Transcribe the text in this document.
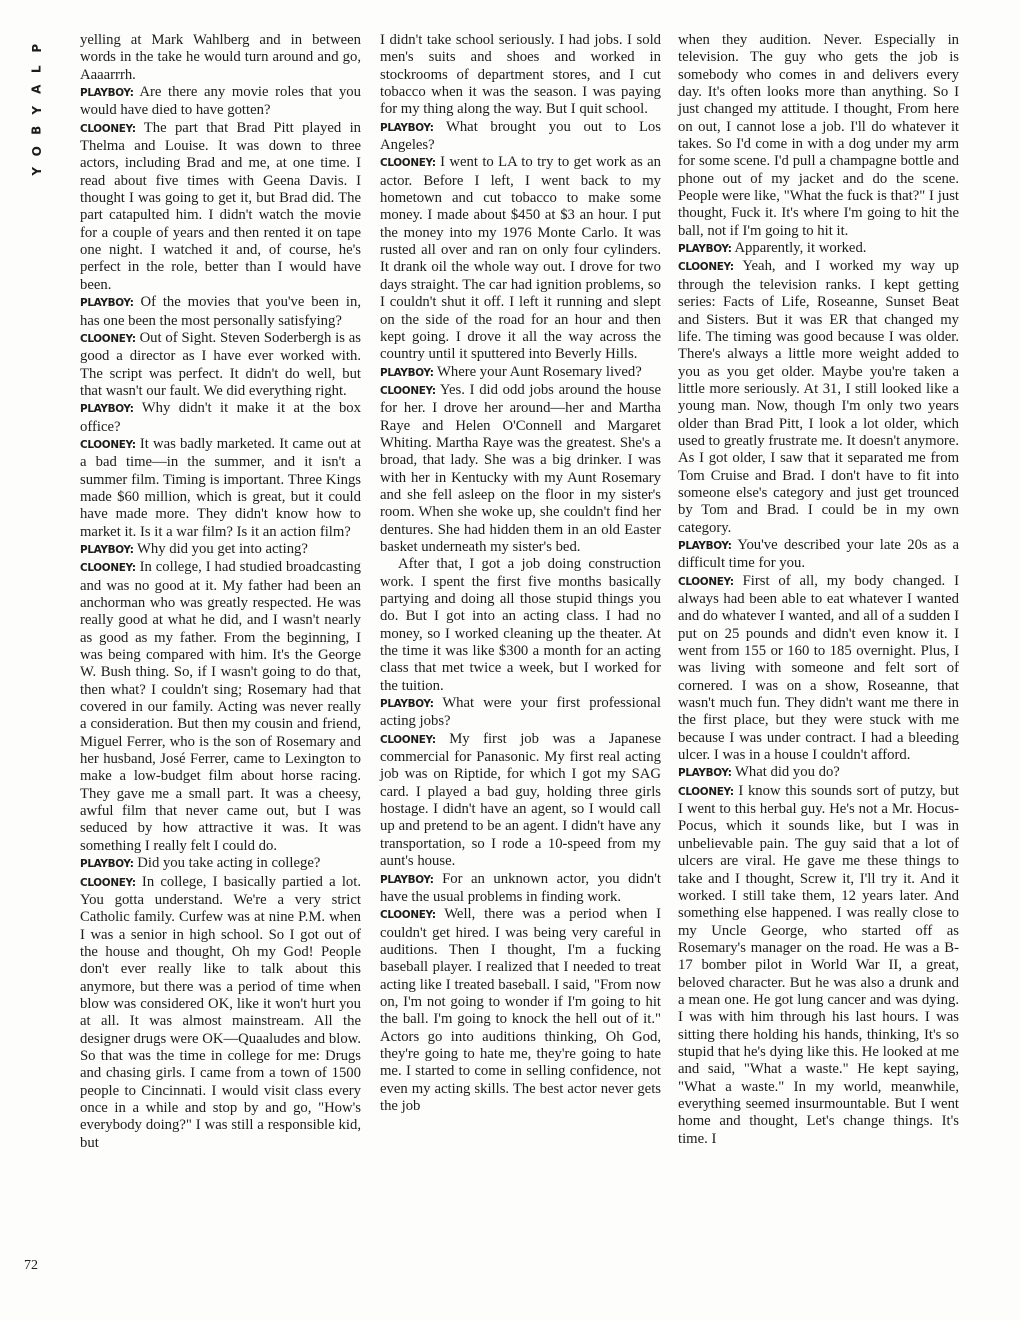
P
L
A
Y
B
O
Y

yelling at Mark Wahlberg and in between words in the take he would turn around and go, Aaaarrrh.

PLAYBOY: Are there any movie roles that you would have died to have gotten?

CLOONEY: The part that Brad Pitt played in Thelma and Louise. It was down to three actors, including Brad and me, at one time. I read about five times with Geena Davis. I thought I was going to get it, but Brad did. The part catapulted him. I didn't watch the movie for a couple of years and then rented it on tape one night. I watched it and, of course, he's perfect in the role, better than I would have been.

PLAYBOY: Of the movies that you've been in, has one been the most personally satisfying?

CLOONEY: Out of Sight. Steven Soderbergh is as good a director as I have ever worked with. The script was perfect. It didn't do well, but that wasn't our fault. We did everything right.

PLAYBOY: Why didn't it make it at the box office?

CLOONEY: It was badly marketed. It came out at a bad time—in the summer, and it isn't a summer film. Timing is important. Three Kings made $60 million, which is great, but it could have made more. They didn't know how to market it. Is it a war film? Is it an action film?

PLAYBOY: Why did you get into acting?

CLOONEY: In college, I had studied broadcasting and was no good at it. My father had been an anchorman who was greatly respected. He was really good at what he did, and I wasn't nearly as good as my father. From the beginning, I was being compared with him. It's the George W. Bush thing. So, if I wasn't going to do that, then what? I couldn't sing; Rosemary had that covered in our family. Acting was never really a consideration. But then my cousin and friend, Miguel Ferrer, who is the son of Rosemary and her husband, José Ferrer, came to Lexington to make a low-budget film about horse racing. They gave me a small part. It was a cheesy, awful film that never came out, but I was seduced by how attractive it was. It was something I really felt I could do.

PLAYBOY: Did you take acting in college?

CLOONEY: In college, I basically partied a lot. You gotta understand. We're a very strict Catholic family. Curfew was at nine P.M. when I was a senior in high school. So I got out of the house and thought, Oh my God! People don't ever really like to talk about this anymore, but there was a period of time when blow was considered OK, like it won't hurt you at all. It was almost mainstream. All the designer drugs were OK—Quaaludes and blow. So that was the time in college for me: Drugs and chasing girls. I came from a town of 1500 people to Cincinnati. I would visit class every once in a while and stop by and go, "How's everybody doing?" I was still a responsible kid, but

I didn't take school seriously. I had jobs. I sold men's suits and shoes and worked in stockrooms of department stores, and I cut tobacco when it was the season. I was paying for my thing along the way. But I quit school.

PLAYBOY: What brought you out to Los Angeles?

CLOONEY: I went to LA to try to get work as an actor. Before I left, I went back to my hometown and cut tobacco to make some money. I made about $450 at $3 an hour. I put the money into my 1976 Monte Carlo. It was rusted all over and ran on only four cylinders. It drank oil the whole way out. I drove for two days straight. The car had ignition problems, so I couldn't shut it off. I left it running and slept on the side of the road for an hour and then kept going. I drove it all the way across the country until it sputtered into Beverly Hills.

PLAYBOY: Where your Aunt Rosemary lived?

CLOONEY: Yes. I did odd jobs around the house for her. I drove her around—her and Martha Raye and Helen O'Connell and Margaret Whiting. Martha Raye was the greatest. She's a broad, that lady. She was a big drinker. I was with her in Kentucky with my Aunt Rosemary and she fell asleep on the floor in my sister's room. When she woke up, she couldn't find her dentures. She had hidden them in an old Easter basket underneath my sister's bed.

After that, I got a job doing construction work. I spent the first five months basically partying and doing all those stupid things you do. But I got into an acting class. I had no money, so I worked cleaning up the theater. At the time it was like $300 a month for an acting class that met twice a week, but I worked for the tuition.

PLAYBOY: What were your first professional acting jobs?

CLOONEY: My first job was a Japanese commercial for Panasonic. My first real acting job was on Riptide, for which I got my SAG card. I played a bad guy, holding three girls hostage. I didn't have an agent, so I would call up and pretend to be an agent. I didn't have any transportation, so I rode a 10-speed from my aunt's house.

PLAYBOY: For an unknown actor, you didn't have the usual problems in finding work.

CLOONEY: Well, there was a period when I couldn't get hired. I was being very careful in auditions. Then I thought, I'm a fucking baseball player. I realized that I needed to treat acting like I treated baseball. I said, "From now on, I'm not going to wonder if I'm going to hit the ball. I'm going to knock the hell out of it." Actors go into auditions thinking, Oh God, they're going to hate me, they're going to hate me. I started to come in selling confidence, not even my acting skills. The best actor never gets the job

when they audition. Never. Especially in television. The guy who gets the job is somebody who comes in and delivers every day. It's often looks more than anything. So I just changed my attitude. I thought, From here on out, I cannot lose a job. I'll do whatever it takes. So I'd come in with a dog under my arm for some scene. I'd pull a champagne bottle and phone out of my jacket and do the scene. People were like, "What the fuck is that?" I just thought, Fuck it. It's where I'm going to hit the ball, not if I'm going to hit it.

PLAYBOY: Apparently, it worked.

CLOONEY: Yeah, and I worked my way up through the television ranks. I kept getting series: Facts of Life, Roseanne, Sunset Beat and Sisters. But it was ER that changed my life. The timing was good because I was older. There's always a little more weight added to you as you get older. Maybe you're taken a little more seriously. At 31, I still looked like a young man. Now, though I'm only two years older than Brad Pitt, I look a lot older, which used to greatly frustrate me. It doesn't anymore. As I got older, I saw that it separated me from Tom Cruise and Brad. I don't have to fit into someone else's category and just get trounced by Tom and Brad. I could be in my own category.

PLAYBOY: You've described your late 20s as a difficult time for you.

CLOONEY: First of all, my body changed. I always had been able to eat whatever I wanted and do whatever I wanted, and all of a sudden I put on 25 pounds and didn't even know it. I went from 155 or 160 to 185 overnight. Plus, I was living with someone and felt sort of cornered. I was on a show, Roseanne, that wasn't much fun. They didn't want me there in the first place, but they were stuck with me because I was under contract. I had a bleeding ulcer. I was in a house I couldn't afford.

PLAYBOY: What did you do?

CLOONEY: I know this sounds sort of putzy, but I went to this herbal guy. He's not a Mr. Hocus-Pocus, which it sounds like, but I was in unbelievable pain. The guy said that a lot of ulcers are viral. He gave me these things to take and I thought, Screw it, I'll try it. And it worked. I still take them, 12 years later. And something else happened. I was really close to my Uncle George, who started off as Rosemary's manager on the road. He was a B-17 bomber pilot in World War II, a great, beloved character. But he was also a drunk and a mean one. He got lung cancer and was dying. I was with him through his last hours. I was sitting there holding his hands, thinking, It's so stupid that he's dying like this. He looked at me and said, "What a waste." He kept saying, "What a waste." In my world, meanwhile, everything seemed insurmountable. But I went home and thought, Let's change things. It's time. I

72
